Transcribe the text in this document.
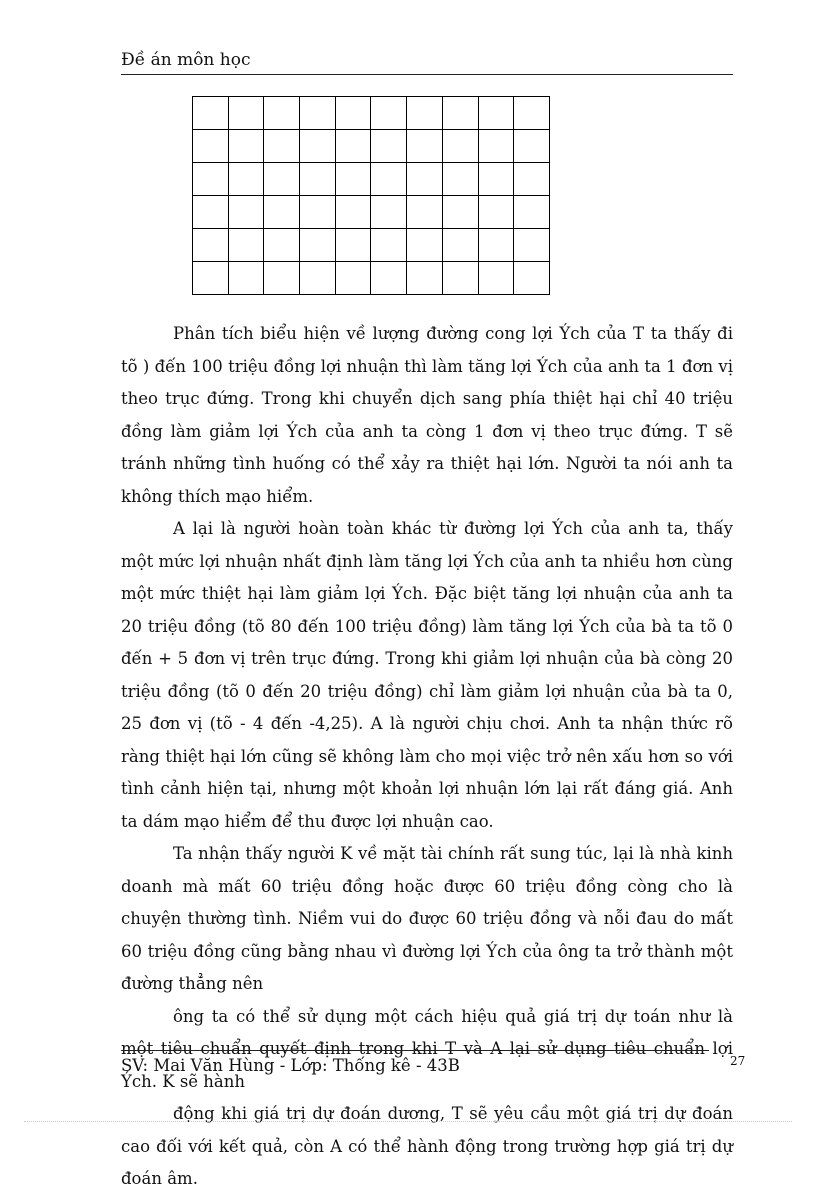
Đề án môn học

Phân tích biểu hiện về lượng đường cong lợi Ých của T ta thấy đi tõ ) đến 100 triệu đồng lợi nhuận thì làm tăng lợi Ých của anh ta 1 đơn vị theo trục đứng. Trong khi chuyển dịch sang phía thiệt hại chỉ 40 triệu đồng làm giảm lợi Ých của anh ta còng 1 đơn vị theo trục đứng. T sẽ tránh những tình huống có thể xảy ra thiệt hại lớn. Người ta nói anh ta không thích mạo hiểm.

A lại là người hoàn toàn khác từ đường lợi Ých của anh ta, thấy một mức lợi nhuận nhất định làm tăng lợi Ých của anh ta nhiều hơn cùng một mức thiệt hại làm giảm lợi Ých. Đặc biệt tăng lợi nhuận của anh ta 20 triệu đồng (tõ 80 đến 100 triệu đồng) làm tăng lợi Ých của bà ta tõ 0 đến + 5 đơn vị trên trục đứng. Trong khi giảm lợi nhuận của bà còng 20 triệu đồng (tõ 0 đến 20 triệu đồng) chỉ làm giảm lợi nhuận của bà ta 0, 25 đơn vị (tõ - 4 đến -4,25). A là người chịu chơi. Anh ta nhận thức rõ ràng thiệt hại lớn cũng sẽ không làm cho mọi việc trở nên xấu hơn so với tình cảnh hiện tại, nhưng một khoản lợi nhuận lớn lại rất đáng giá. Anh ta dám mạo hiểm để thu được lợi nhuận cao.

Ta nhận thấy người K về mặt tài chính rất sung túc, lại là nhà kinh doanh mà mất 60 triệu đồng hoặc được 60 triệu đồng còng cho là chuyện thường tình. Niềm vui do được 60 triệu đồng và nỗi đau do mất 60 triệu đồng cũng bằng nhau vì đường lợi Ých của ông ta trở thành một đường thẳng nên

ông ta có thể sử dụng một cách hiệu quả giá trị dự toán như là một tiêu chuẩn quyết định trong khi T và A lại sử dụng tiêu chuẩn lợi Ých. K sẽ hành

động khi giá trị dự đoán dương, T sẽ yêu cầu một giá trị dự đoán cao đối với kết quả, còn A có thể hành động trong trường hợp giá trị dự đoán âm.

SV: Mai Văn Hùng - Lớp: Thống kê - 43B	27
